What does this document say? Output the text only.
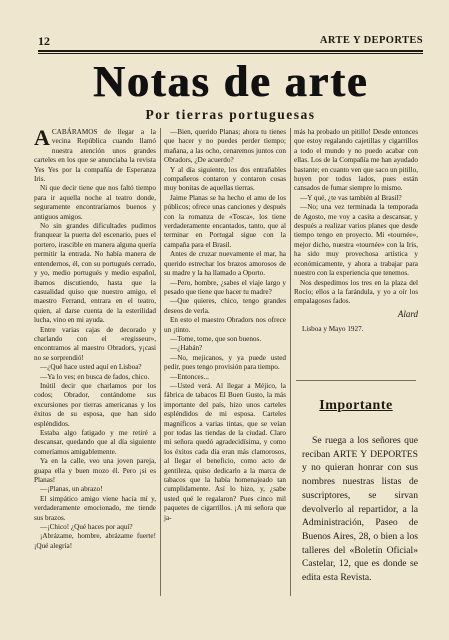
12	ARTE Y DEPORTES
Notas de arte
Por tierras portuguesas

ACABÁRAMOS de llegar a la vecina República cuando llamó nuestra atención unos grandes carteles en los que se anunciaba la revista Yes Yes por la compañía de Esperanza Iris.

Ni que decir tiene que nos faltó tiempo para ir aquella noche al teatro donde, seguramente encontraríamos buenos y antiguos amigos.

No sin grandes dificultades pudimos franquear la puerta del escenario, pues el portero, irascible en manera alguna quería permitir la entrada. No había manera de entendernos, él, con su portugués cerrado, y yo, medio portugués y medio español, íbamos discutiendo, hasta que la casualidad quiso que nuestro amigo, el maestro Ferrand, entrara en el teatro, quien, al darse cuenta de la esterilidad lucha, vino en mi ayuda.

Entre varias cajas de decorado y charlando con el «regisseur», encontramos al maestro Obradors, y¡casi no se sorprendió!

—¿Qué hace usted aquí en Lisboa?

—Ya lo ves; en busca de fados, chico.

Inútil decir que charlamos por los codos; Obrador, contándome sus excursiones por tierras americanas y los éxitos de su esposa, que han sido espléndidos.

Estaba algo fatigado y me retiré a descansar, quedando que al día siguiente comeríamos amigablemente.

Ya en la calle, veo una joven pareja, guapa ella y buen mozo él. Pero ¡si es Planas!

—¡Planas, un abrazo!

El simpático amigo viene hacia mí y, verdaderamente emocionado, me tiende sus brazos.

—¡Chico! ¿Qué haces por aquí?

¡Abrázame, hombre, abrázame fuerte! ¡Qué alegría!

—Bien, querido Planas; ahora tu tienes que hacer y no puedes perder tiempo; mañana, a las ocho, cenaremos juntos con Obradors, ¿De acuerdo?

Y al día siguiente, los dos entrañables compañeros contaron y contaron cosas muy bonitas de aquellas tierras.

Jaime Planas se ha hecho el amo de los públicos; ofrece unas canciones y después con la romanza de «Tosca», los tiene verdaderamente encantados, tanto, que al terminar en Portugal sigue con la campaña para el Brasil.

Antes de cruzar nuevamente el mar, ha querido estrechar los brazos amorosos de su madre y la ha llamado a Oporto.

—Pero, hombre, ¿sabes el viaje largo y pesado que tiene que hacer tu madre?

—Que quieres, chico, tengo grandes deseos de verla.

En esto el maestro Obradors nos ofrece un ¡tinto.

—Tome, tome, que son buenos.

—¿Habán?

—No, mejicanos, y ya puede usted pedir, pues tengo provisión para tiempo.

—Entonces...

—Usted verá. Al llegar a Méjico, la fábrica de tabacos El Buen Gusto, la más importante del país, hizo unos carteles espléndidos de mi esposa. Carteles magníficos a varias tintas, que se veían por todas las tiendas de la ciudad. Claro mi señora quedó agradecidísima, y como los éxitos cada día eran más clamorosos, al llegar el beneficio, como acto de gentileza, quiso dedicarlo a la marca de tabacos que la había homenajeado tan cumplidamente. Así lo hizo, y, ¿sabe usted qué le regalaron? Pues cinco mil paquetes de cigarrillos. ¡A mi señora que ja-

más ha probado un pitillo! Desde entonces que estoy regalando cajetillas y cigarrillos a todo el mundo y no puedo acabar con ellas. Los de la Compañía me han ayudado bastante; en cuanto ven que saco un pitillo, huyen por todos lados, pues están cansados de fumar siempre lo mismo.

—Y qué, ¿te vas también al Brasil?

—No; una vez terminada la temporada de Agosto, me voy a casita a descansar, y después a realizar varios planes que desde tiempo tengo en proyecto. Mi «tournée», mejor dicho, nuestra «tournée» con la Iris, ha sido muy provechosa artística y económicamente, y ahora a trabajar para nuestro con la experiencia que tenemos.

Nos despedimos los tres en la plaza del Rocío; ellos a la farándula, y yo a oír los empalagosos fados.

Alard

Lisboa y Mayo 1927.

Importante

Se ruega a los señores que reciban ARTE Y DEPORTES y no quieran honrar con sus nombres nuestras listas de suscriptores, se sirvan devolverlo al repartidor, a la Administración, Paseo de Buenos Aires, 28, o bien a los talleres del «Boletín Oficial» Castelar, 12, que es donde se edita esta Revista.
